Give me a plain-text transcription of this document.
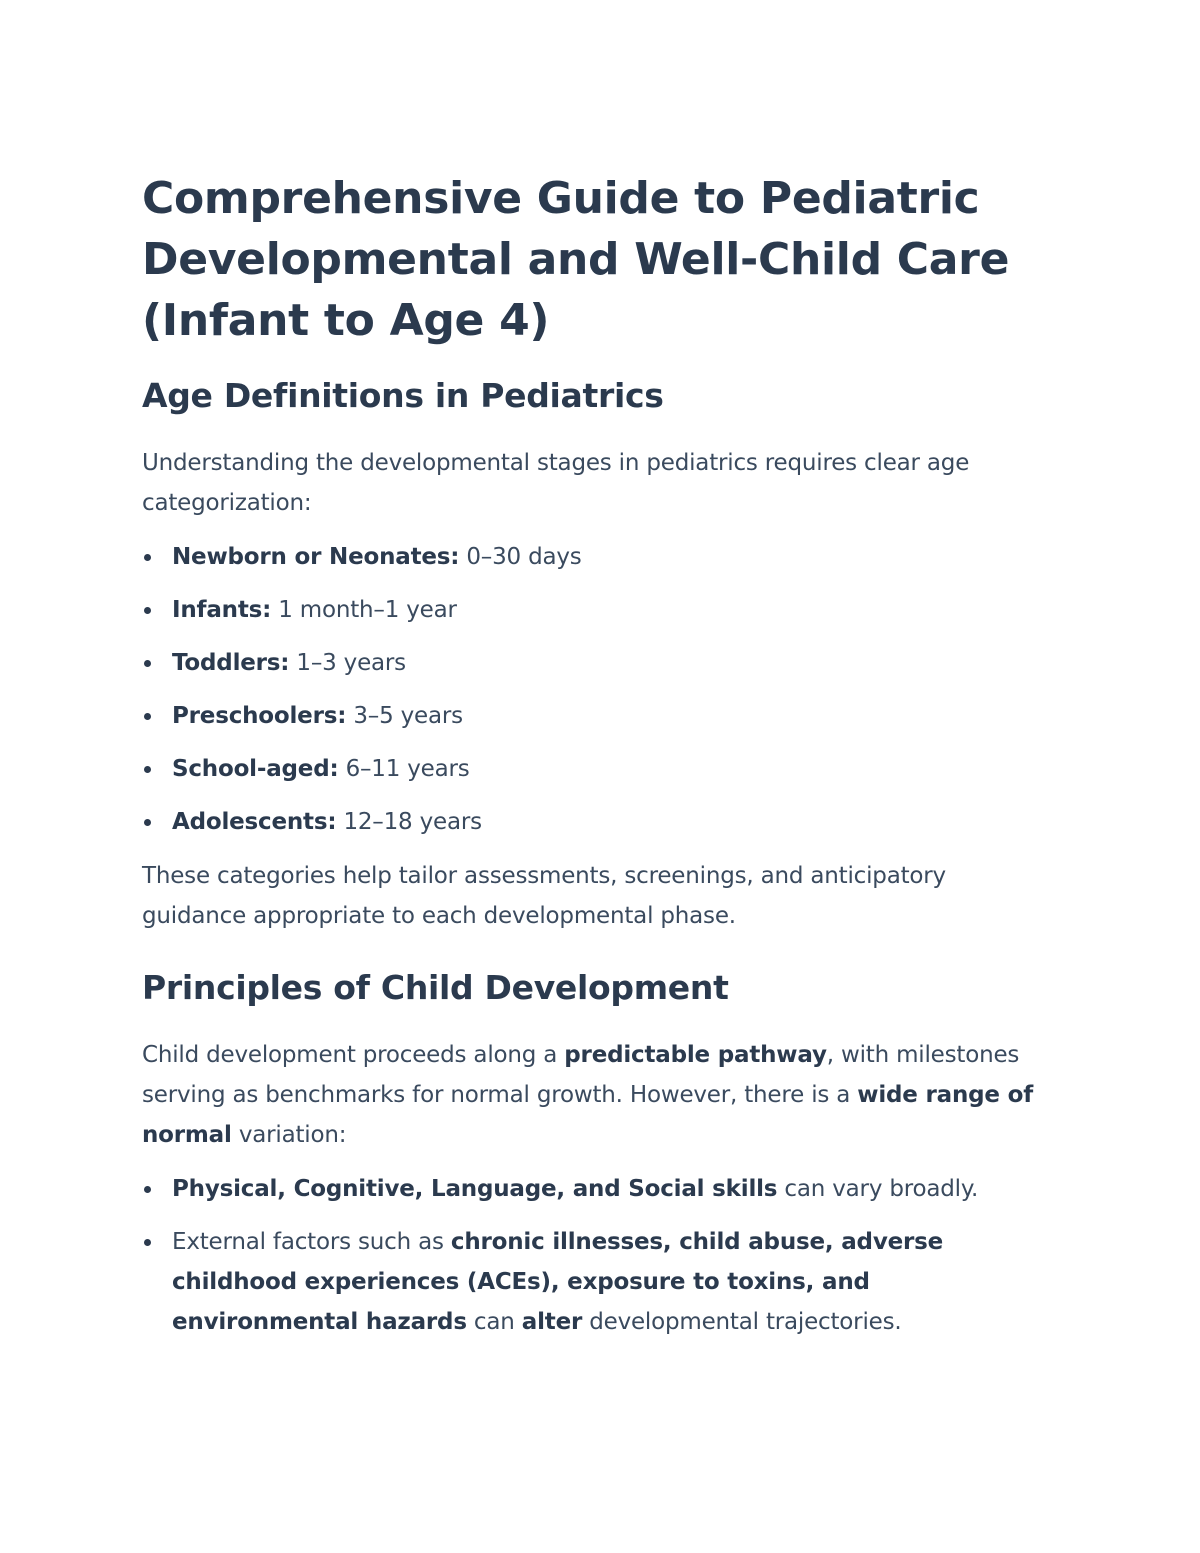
Comprehensive Guide to Pediatric Developmental and Well-Child Care (Infant to Age 4)
Age Definitions in Pediatrics

Understanding the developmental stages in pediatrics requires clear age categorization:

Newborn or Neonates: 0–30 days
Infants: 1 month–1 year
Toddlers: 1–3 years
Preschoolers: 3–5 years
School-aged: 6–11 years
Adolescents: 12–18 years

These categories help tailor assessments, screenings, and anticipatory guidance appropriate to each developmental phase.

Principles of Child Development

Child development proceeds along a predictable pathway, with milestones serving as benchmarks for normal growth. However, there is a wide range of normal variation:

Physical, Cognitive, Language, and Social skills can vary broadly.
External factors such as chronic illnesses, child abuse, adverse childhood experiences (ACEs), exposure to toxins, and environmental hazards can alter developmental trajectories.
